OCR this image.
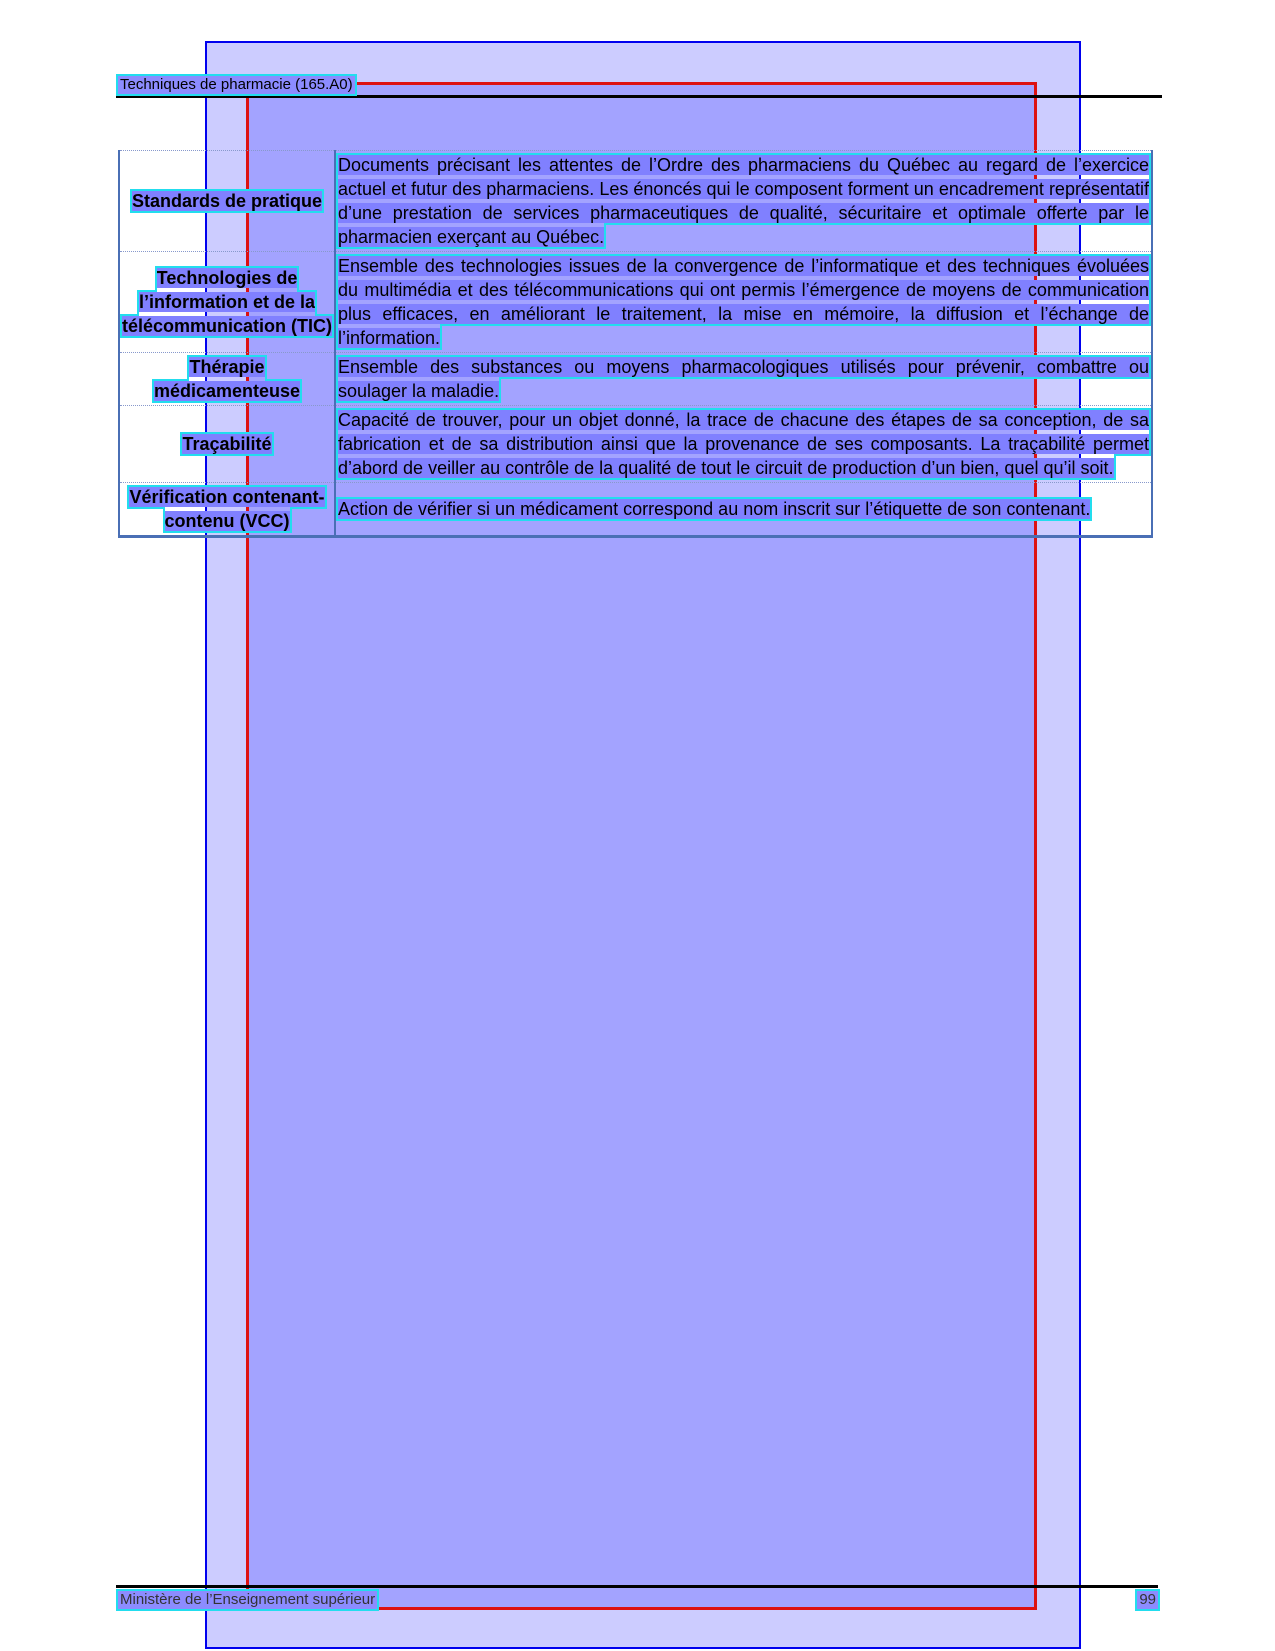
Techniques de pharmacie (165.A0)
Standards de pratique	Documents précisant les attentes de l’Ordre des pharmaciens du Québec au regard de l’exercice actuel et futur des pharmaciens. Les énoncés qui le composent forment un encadrement représentatif d’une prestation de services pharmaceutiques de qualité, sécuritaire et optimale offerte par le pharmacien exerçant au Québec.
Technologies de l’information et de la télécommunication (TIC)	Ensemble des technologies issues de la convergence de l’informatique et des techniques évoluées du multimédia et des télécommunications qui ont permis l’émergence de moyens de communication plus efficaces, en améliorant le traitement, la mise en mémoire, la diffusion et l’échange de l’information.
Thérapie médicamenteuse	Ensemble des substances ou moyens pharmacologiques utilisés pour prévenir, combattre ou soulager la maladie.
Traçabilité	Capacité de trouver, pour un objet donné, la trace de chacune des étapes de sa conception, de sa fabrication et de sa distribution ainsi que la provenance de ses composants. La traçabilité permet d’abord de veiller au contrôle de la qualité de tout le circuit de production d’un bien, quel qu’il soit.
Vérification contenant-contenu (VCC)	Action de vérifier si un médicament correspond au nom inscrit sur l’étiquette de son contenant.
Ministère de l’Enseignement supérieur	99
